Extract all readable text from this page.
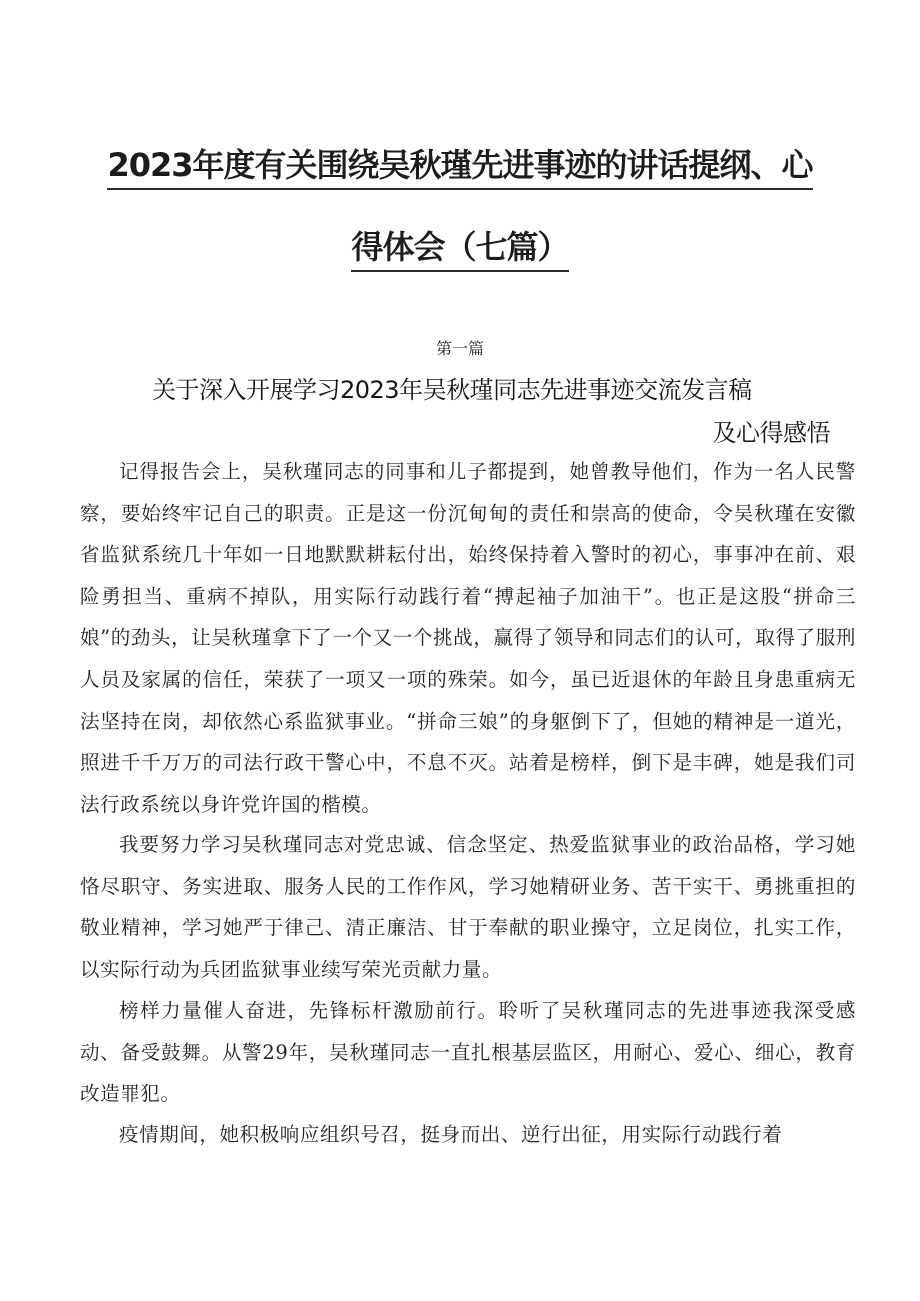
2023年度有关围绕吴秋瑾先进事迹的讲话提纲、心
得体会（七篇）
第一篇
关于深入开展学习2023年吴秋瑾同志先进事迹交流发言稿
及心得感悟

记得报告会上，吴秋瑾同志的同事和儿子都提到，她曾教导他们，作为一名人民警察，要始终牢记自己的职责。正是这一份沉甸甸的责任和崇高的使命，令吴秋瑾在安徽省监狱系统几十年如一日地默默耕耘付出，始终保持着入警时的初心，事事冲在前、艰险勇担当、重病不掉队，用实际行动践行着“搏起袖子加油干”。也正是这股“拼命三娘”的劲头，让吴秋瑾拿下了一个又一个挑战，赢得了领导和同志们的认可，取得了服刑人员及家属的信任，荣获了一项又一项的殊荣。如今，虽已近退休的年龄且身患重病无法坚持在岗，却依然心系监狱事业。“拼命三娘”的身躯倒下了，但她的精神是一道光，照进千千万万的司法行政干警心中，不息不灭。站着是榜样，倒下是丰碑，她是我们司法行政系统以身许党许国的楷模。

我要努力学习吴秋瑾同志对党忠诚、信念坚定、热爱监狱事业的政治品格，学习她恪尽职守、务实进取、服务人民的工作作风，学习她精研业务、苦干实干、勇挑重担的敬业精神，学习她严于律己、清正廉洁、甘于奉献的职业操守，立足岗位，扎实工作，以实际行动为兵团监狱事业续写荣光贡献力量。

榜样力量催人奋进，先锋标杆激励前行。聆听了吴秋瑾同志的先进事迹我深受感动、备受鼓舞。从警29年，吴秋瑾同志一直扎根基层监区，用耐心、爱心、细心，教育改造罪犯。

疫情期间，她积极响应组织号召，挺身而出、逆行出征，用实际行动践行着
